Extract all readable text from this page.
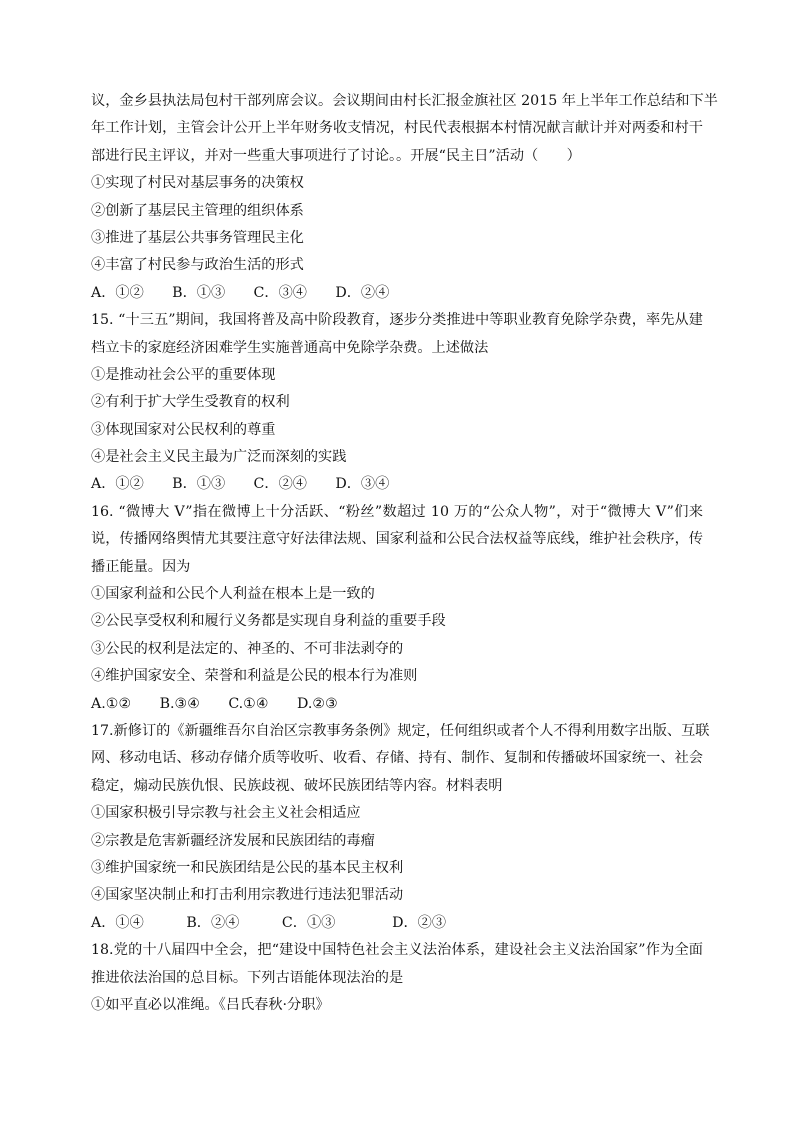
议，金乡县执法局包村干部列席会议。会议期间由村长汇报金旗社区 2015 年上半年工作总结和下半
年工作计划，主管会计公开上半年财务收支情况，村民代表根据本村情况献言献计并对两委和村干
部进行民主评议，并对一些重大事项进行了讨论。。开展“民主日”活动（　　）
①实现了村民对基层事务的决策权
②创新了基层民主管理的组织体系
③推进了基层公共事务管理民主化
④丰富了村民参与政治生活的形式
A．①②　　B．①③　　C．③④　　D．②④
15. “十三五”期间，我国将普及高中阶段教育，逐步分类推进中等职业教育免除学杂费，率先从建
档立卡的家庭经济困难学生实施普通高中免除学杂费。上述做法
①是推动社会公平的重要体现
②有利于扩大学生受教育的权利
③体现国家对公民权利的尊重
④是社会主义民主最为广泛而深刻的实践
A．①②　　B．①③　　C．②④　　D．③④
16. “微博大 V”指在微博上十分活跃、“粉丝”数超过 10 万的“公众人物”，对于“微博大 V”们来
说，传播网络舆情尤其要注意守好法律法规、国家利益和公民合法权益等底线，维护社会秩序，传
播正能量。因为
①国家利益和公民个人利益在根本上是一致的
②公民享受权利和履行义务都是实现自身利益的重要手段
③公民的权利是法定的、神圣的、不可非法剥夺的
④维护国家安全、荣誉和利益是公民的根本行为准则
A.①②　　B.③④　　C.①④　　D.②③
17.新修订的《新疆维吾尔自治区宗教事务条例》规定，任何组织或者个人不得利用数字出版、互联
网、移动电话、移动存储介质等收听、收看、存储、持有、制作、复制和传播破坏国家统一、社会
稳定，煽动民族仇恨、民族歧视、破坏民族团结等内容。材料表明
①国家积极引导宗教与社会主义社会相适应
②宗教是危害新疆经济发展和民族团结的毒瘤
③维护国家统一和民族团结是公民的基本民主权利
④国家坚决制止和打击利用宗教进行违法犯罪活动
A．①④　　　B．②④　　　C．①③　　　　D．②③
18.党的十八届四中全会，把“建设中国特色社会主义法治体系，建设社会主义法治国家”作为全面
推进依法治国的总目标。下列古语能体现法治的是
①如平直必以准绳。《吕氏春秋·分职》
